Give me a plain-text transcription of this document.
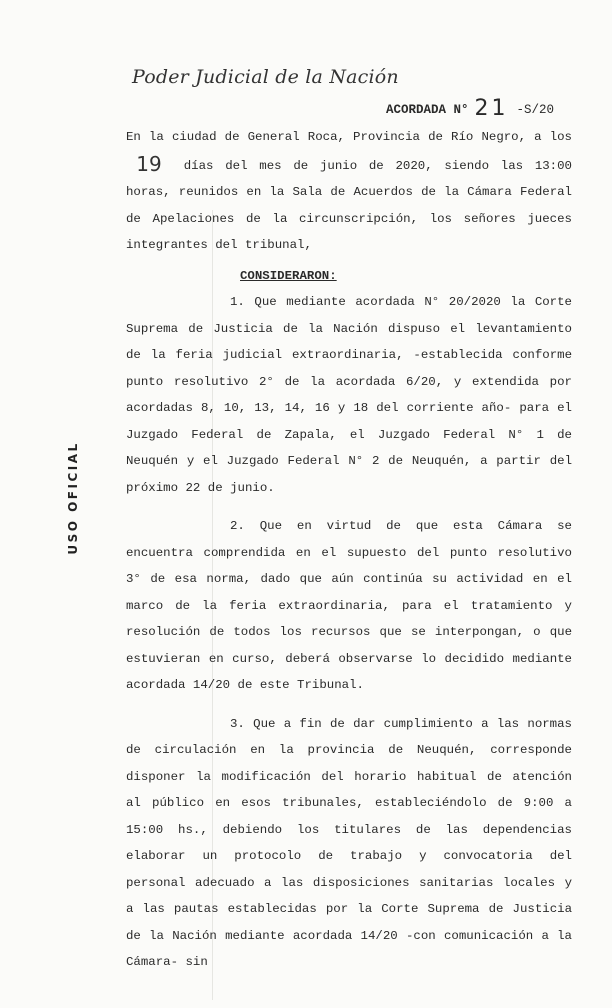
Poder Judicial de la Nación
ACORDADA N° 21 -S/20
USO OFICIAL

En la ciudad de General Roca, Provincia de Río Negro, a los 19 días del mes de junio de 2020, siendo las 13:00 horas, reunidos en la Sala de Acuerdos de la Cámara Federal de Apelaciones de la circunscripción, los señores jueces integrantes del tribunal,

CONSIDERARON:

1. Que mediante acordada N° 20/2020 la Corte Suprema de Justicia de la Nación dispuso el levantamiento de la feria judicial extraordinaria, -establecida conforme punto resolutivo 2° de la acordada 6/20, y extendida por acordadas 8, 10, 13, 14, 16 y 18 del corriente año- para el Juzgado Federal de Zapala, el Juzgado Federal N° 1 de Neuquén y el Juzgado Federal N° 2 de Neuquén, a partir del próximo 22 de junio.

2. Que en virtud de que esta Cámara se encuentra comprendida en el supuesto del punto resolutivo 3° de esa norma, dado que aún continúa su actividad en el marco de la feria extraordinaria, para el tratamiento y resolución de todos los recursos que se interpongan, o que estuvieran en curso, deberá observarse lo decidido mediante acordada 14/20 de este Tribunal.

3. Que a fin de dar cumplimiento a las normas de circulación en la provincia de Neuquén, corresponde disponer la modificación del horario habitual de atención al público en esos tribunales, estableciéndolo de 9:00 a 15:00 hs., debiendo los titulares de las dependencias elaborar un protocolo de trabajo y convocatoria del personal adecuado a las disposiciones sanitarias locales y a las pautas establecidas por la Corte Suprema de Justicia de la Nación mediante acordada 14/20 -con comunicación a la Cámara- sin
